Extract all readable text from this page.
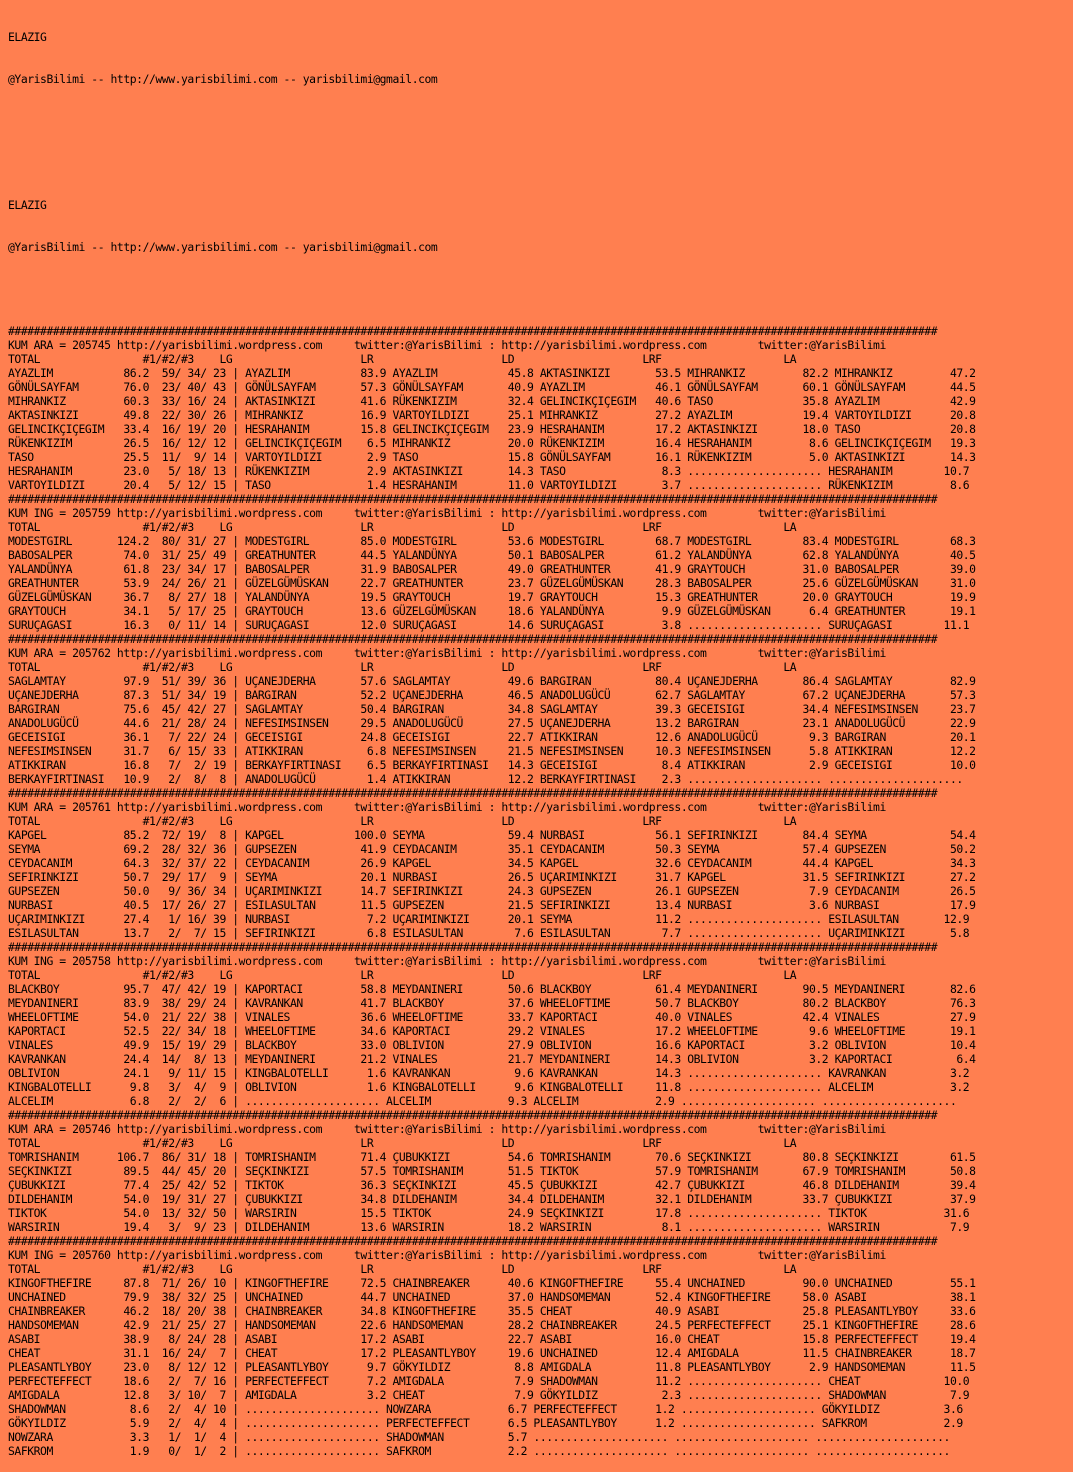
ELAZIG

@YarisBilimi -- http://www.yarisbilimi.com -- yarisbilimi@gmail.com

ELAZIG

@YarisBilimi -- http://www.yarisbilimi.com -- yarisbilimi@gmail.com

#################################################################################################################################################
KUM ARA = 205745 http://yarisbilimi.wordpress.com     twitter:@YarisBilimi : http://yarisbilimi.wordpress.com        twitter:@YarisBilimi
TOTAL                #1/#2/#3    LG                    LR                    LD                    LRF                   LA
AYAZLIM           86.2  59/ 34/ 23 | AYAZLIM           83.9 AYAZLIM           45.8 AKTASINKIZI       53.5 MIHRANKIZ         82.2 MIHRANKIZ         47.2
GÖNÜLSAYFAM       76.0  23/ 40/ 43 | GÖNÜLSAYFAM       57.3 GÖNÜLSAYFAM       40.9 AYAZLIM           46.1 GÖNÜLSAYFAM       60.1 GÖNÜLSAYFAM       44.5
MIHRANKIZ         60.3  33/ 16/ 24 | AKTASINKIZI       41.6 RÜKENKIZIM        32.4 GELINCIKÇIÇEGIM   40.6 TASO              35.8 AYAZLIM           42.9
AKTASINKIZI       49.8  22/ 30/ 26 | MIHRANKIZ         16.9 VARTOYILDIZI      25.1 MIHRANKIZ         27.2 AYAZLIM           19.4 VARTOYILDIZI      20.8
GELINCIKÇIÇEGIM   33.4  16/ 19/ 20 | HESRAHANIM        15.8 GELINCIKÇIÇEGIM   23.9 HESRAHANIM        17.2 AKTASINKIZI       18.0 TASO              20.8
RÜKENKIZIM        26.5  16/ 12/ 12 | GELINCIKÇIÇEGIM    6.5 MIHRANKIZ         20.0 RÜKENKIZIM        16.4 HESRAHANIM         8.6 GELINCIKÇIÇEGIM   19.3
TASO              25.5  11/  9/ 14 | VARTOYILDIZI       2.9 TASO              15.8 GÖNÜLSAYFAM       16.1 RÜKENKIZIM         5.0 AKTASINKIZI       14.3
HESRAHANIM        23.0   5/ 18/ 13 | RÜKENKIZIM         2.9 AKTASINKIZI       14.3 TASO               8.3 ..................... HESRAHANIM        10.7
VARTOYILDIZI      20.4   5/ 12/ 15 | TASO               1.4 HESRAHANIM        11.0 VARTOYILDIZI       3.7 ..................... RÜKENKIZIM         8.6
#################################################################################################################################################
KUM ING = 205759 http://yarisbilimi.wordpress.com     twitter:@YarisBilimi : http://yarisbilimi.wordpress.com        twitter:@YarisBilimi
TOTAL                #1/#2/#3    LG                    LR                    LD                    LRF                   LA
MODESTGIRL       124.2  80/ 31/ 27 | MODESTGIRL        85.0 MODESTGIRL        53.6 MODESTGIRL        68.7 MODESTGIRL        83.4 MODESTGIRL        68.3
BABOSALPER        74.0  31/ 25/ 49 | GREATHUNTER       44.5 YALANDÜNYA        50.1 BABOSALPER        61.2 YALANDÜNYA        62.8 YALANDÜNYA        40.5
YALANDÜNYA        61.8  23/ 34/ 17 | BABOSALPER        31.9 BABOSALPER        49.0 GREATHUNTER       41.9 GRAYTOUCH         31.0 BABOSALPER        39.0
GREATHUNTER       53.9  24/ 26/ 21 | GÜZELGÜMÜSKAN     22.7 GREATHUNTER       23.7 GÜZELGÜMÜSKAN     28.3 BABOSALPER        25.6 GÜZELGÜMÜSKAN     31.0
GÜZELGÜMÜSKAN     36.7   8/ 27/ 18 | YALANDÜNYA        19.5 GRAYTOUCH         19.7 GRAYTOUCH         15.3 GREATHUNTER       20.0 GRAYTOUCH         19.9
GRAYTOUCH         34.1   5/ 17/ 25 | GRAYTOUCH         13.6 GÜZELGÜMÜSKAN     18.6 YALANDÜNYA         9.9 GÜZELGÜMÜSKAN      6.4 GREATHUNTER       19.1
SURUÇAGASI        16.3   0/ 11/ 14 | SURUÇAGASI        12.0 SURUÇAGASI        14.6 SURUÇAGASI         3.8 ..................... SURUÇAGASI        11.1
#################################################################################################################################################
KUM ARA = 205762 http://yarisbilimi.wordpress.com     twitter:@YarisBilimi : http://yarisbilimi.wordpress.com        twitter:@YarisBilimi
TOTAL                #1/#2/#3    LG                    LR                    LD                    LRF                   LA
SAGLAMTAY         97.9  51/ 39/ 36 | UÇANEJDERHA       57.6 SAGLAMTAY         49.6 BARGIRAN          80.4 UÇANEJDERHA       86.4 SAGLAMTAY         82.9
UÇANEJDERHA       87.3  51/ 34/ 19 | BARGIRAN          52.2 UÇANEJDERHA       46.5 ANADOLUGÜCÜ       62.7 SAGLAMTAY         67.2 UÇANEJDERHA       57.3
BARGIRAN          75.6  45/ 42/ 27 | SAGLAMTAY         50.4 BARGIRAN          34.8 SAGLAMTAY         39.3 GECEISIGI         34.4 NEFESIMSINSEN     23.7
ANADOLUGÜCÜ       44.6  21/ 28/ 24 | NEFESIMSINSEN     29.5 ANADOLUGÜCÜ       27.5 UÇANEJDERHA       13.2 BARGIRAN          23.1 ANADOLUGÜCÜ       22.9
GECEISIGI         36.1   7/ 22/ 24 | GECEISIGI         24.8 GECEISIGI         22.7 ATIKKIRAN         12.6 ANADOLUGÜCÜ        9.3 BARGIRAN          20.1
NEFESIMSINSEN     31.7   6/ 15/ 33 | ATIKKIRAN          6.8 NEFESIMSINSEN     21.5 NEFESIMSINSEN     10.3 NEFESIMSINSEN      5.8 ATIKKIRAN         12.2
ATIKKIRAN         16.8   7/  2/ 19 | BERKAYFIRTINASI    6.5 BERKAYFIRTINASI   14.3 GECEISIGI          8.4 ATIKKIRAN          2.9 GECEISIGI         10.0
BERKAYFIRTINASI   10.9   2/  8/  8 | ANADOLUGÜCÜ        1.4 ATIKKIRAN         12.2 BERKAYFIRTINASI    2.3 ..................... .....................
#################################################################################################################################################
KUM ARA = 205761 http://yarisbilimi.wordpress.com     twitter:@YarisBilimi : http://yarisbilimi.wordpress.com        twitter:@YarisBilimi
TOTAL                #1/#2/#3    LG                    LR                    LD                    LRF                   LA
KAPGEL            85.2  72/ 19/  8 | KAPGEL           100.0 SEYMA             59.4 NURBASI           56.1 SEFIRINKIZI       84.4 SEYMA             54.4
SEYMA             69.2  28/ 32/ 36 | GUPSEZEN          41.9 CEYDACANIM        35.1 CEYDACANIM        50.3 SEYMA             57.4 GUPSEZEN          50.2
CEYDACANIM        64.3  32/ 37/ 22 | CEYDACANIM        26.9 KAPGEL            34.5 KAPGEL            32.6 CEYDACANIM        44.4 KAPGEL            34.3
SEFIRINKIZI       50.7  29/ 17/  9 | SEYMA             20.1 NURBASI           26.5 UÇARIMINKIZI      31.7 KAPGEL            31.5 SEFIRINKIZI       27.2
GUPSEZEN          50.0   9/ 36/ 34 | UÇARIMINKIZI      14.7 SEFIRINKIZI       24.3 GUPSEZEN          26.1 GUPSEZEN           7.9 CEYDACANIM        26.5
NURBASI           40.5  17/ 26/ 27 | ESILASULTAN       11.5 GUPSEZEN          21.5 SEFIRINKIZI       13.4 NURBASI            3.6 NURBASI           17.9
UÇARIMINKIZI      27.4   1/ 16/ 39 | NURBASI            7.2 UÇARIMINKIZI      20.1 SEYMA             11.2 ..................... ESILASULTAN       12.9
ESILASULTAN       13.7   2/  7/ 15 | SEFIRINKIZI        6.8 ESILASULTAN        7.6 ESILASULTAN        7.7 ..................... UÇARIMINKIZI       5.8
#################################################################################################################################################
KUM ING = 205758 http://yarisbilimi.wordpress.com     twitter:@YarisBilimi : http://yarisbilimi.wordpress.com        twitter:@YarisBilimi
TOTAL                #1/#2/#3    LG                    LR                    LD                    LRF                   LA
BLACKBOY          95.7  47/ 42/ 19 | KAPORTACI         58.8 MEYDANINERI       50.6 BLACKBOY          61.4 MEYDANINERI       90.5 MEYDANINERI       82.6
MEYDANINERI       83.9  38/ 29/ 24 | KAVRANKAN         41.7 BLACKBOY          37.6 WHEELOFTIME       50.7 BLACKBOY          80.2 BLACKBOY          76.3
WHEELOFTIME       54.0  21/ 22/ 38 | VINALES           36.6 WHEELOFTIME       33.7 KAPORTACI         40.0 VINALES           42.4 VINALES           27.9
KAPORTACI         52.5  22/ 34/ 18 | WHEELOFTIME       34.6 KAPORTACI         29.2 VINALES           17.2 WHEELOFTIME        9.6 WHEELOFTIME       19.1
VINALES           49.9  15/ 19/ 29 | BLACKBOY          33.0 OBLIVION          27.9 OBLIVION          16.6 KAPORTACI          3.2 OBLIVION          10.4
KAVRANKAN         24.4  14/  8/ 13 | MEYDANINERI       21.2 VINALES           21.7 MEYDANINERI       14.3 OBLIVION           3.2 KAPORTACI          6.4
OBLIVION          24.1   9/ 11/ 15 | KINGBALOTELLI      1.6 KAVRANKAN          9.6 KAVRANKAN         14.3 ..................... KAVRANKAN          3.2
KINGBALOTELLI      9.8   3/  4/  9 | OBLIVION           1.6 KINGBALOTELLI      9.6 KINGBALOTELLI     11.8 ..................... ALCELIM            3.2
ALCELIM            6.8   2/  2/  6 | ..................... ALCELIM            9.3 ALCELIM            2.9 ..................... .....................
#################################################################################################################################################
KUM ARA = 205746 http://yarisbilimi.wordpress.com     twitter:@YarisBilimi : http://yarisbilimi.wordpress.com        twitter:@YarisBilimi
TOTAL                #1/#2/#3    LG                    LR                    LD                    LRF                   LA
TOMRISHANIM      106.7  86/ 31/ 18 | TOMRISHANIM       71.4 ÇUBUKKIZI         54.6 TOMRISHANIM       70.6 SEÇKINKIZI        80.8 SEÇKINKIZI        61.5
SEÇKINKIZI        89.5  44/ 45/ 20 | SEÇKINKIZI        57.5 TOMRISHANIM       51.5 TIKTOK            57.9 TOMRISHANIM       67.9 TOMRISHANIM       50.8
ÇUBUKKIZI         77.4  25/ 42/ 52 | TIKTOK            36.3 SEÇKINKIZI        45.5 ÇUBUKKIZI         42.7 ÇUBUKKIZI         46.8 DILDEHANIM        39.4
DILDEHANIM        54.0  19/ 31/ 27 | ÇUBUKKIZI         34.8 DILDEHANIM        34.4 DILDEHANIM        32.1 DILDEHANIM        33.7 ÇUBUKKIZI         37.9
TIKTOK            54.0  13/ 32/ 50 | WARSIRIN          15.5 TIKTOK            24.9 SEÇKINKIZI        17.8 ..................... TIKTOK            31.6
WARSIRIN          19.4   3/  9/ 23 | DILDEHANIM        13.6 WARSIRIN          18.2 WARSIRIN           8.1 ..................... WARSIRIN           7.9
#################################################################################################################################################
KUM ING = 205760 http://yarisbilimi.wordpress.com     twitter:@YarisBilimi : http://yarisbilimi.wordpress.com        twitter:@YarisBilimi
TOTAL                #1/#2/#3    LG                    LR                    LD                    LRF                   LA
KINGOFTHEFIRE     87.8  71/ 26/ 10 | KINGOFTHEFIRE     72.5 CHAINBREAKER      40.6 KINGOFTHEFIRE     55.4 UNCHAINED         90.0 UNCHAINED         55.1
UNCHAINED         79.9  38/ 32/ 25 | UNCHAINED         44.7 UNCHAINED         37.0 HANDSOMEMAN       52.4 KINGOFTHEFIRE     58.0 ASABI             38.1
CHAINBREAKER      46.2  18/ 20/ 38 | CHAINBREAKER      34.8 KINGOFTHEFIRE     35.5 CHEAT             40.9 ASABI             25.8 PLEASANTLYBOY     33.6
HANDSOMEMAN       42.9  21/ 25/ 27 | HANDSOMEMAN       22.6 HANDSOMEMAN       28.2 CHAINBREAKER      24.5 PERFECTEFFECT     25.1 KINGOFTHEFIRE     28.6
ASABI             38.9   8/ 24/ 28 | ASABI             17.2 ASABI             22.7 ASABI             16.0 CHEAT             15.8 PERFECTEFFECT     19.4
CHEAT             31.1  16/ 24/  7 | CHEAT             17.2 PLEASANTLYBOY     19.6 UNCHAINED         12.4 AMIGDALA          11.5 CHAINBREAKER      18.7
PLEASANTLYBOY     23.0   8/ 12/ 12 | PLEASANTLYBOY      9.7 GÖKYILDIZ          8.8 AMIGDALA          11.8 PLEASANTLYBOY      2.9 HANDSOMEMAN       11.5
PERFECTEFFECT     18.6   2/  7/ 16 | PERFECTEFFECT      7.2 AMIGDALA           7.9 SHADOWMAN         11.2 ..................... CHEAT             10.0
AMIGDALA          12.8   3/ 10/  7 | AMIGDALA           3.2 CHEAT              7.9 GÖKYILDIZ          2.3 ..................... SHADOWMAN          7.9
SHADOWMAN          8.6   2/  4/ 10 | ..................... NOWZARA            6.7 PERFECTEFFECT      1.2 ..................... GÖKYILDIZ          3.6
GÖKYILDIZ          5.9   2/  4/  4 | ..................... PERFECTEFFECT      6.5 PLEASANTLYBOY      1.2 ..................... SAFKROM            2.9
NOWZARA            3.3   1/  1/  4 | ..................... SHADOWMAN          5.7 ..................... ..................... .....................
SAFKROM            1.9   0/  1/  2 | ..................... SAFKROM            2.2 ..................... ..................... .....................
